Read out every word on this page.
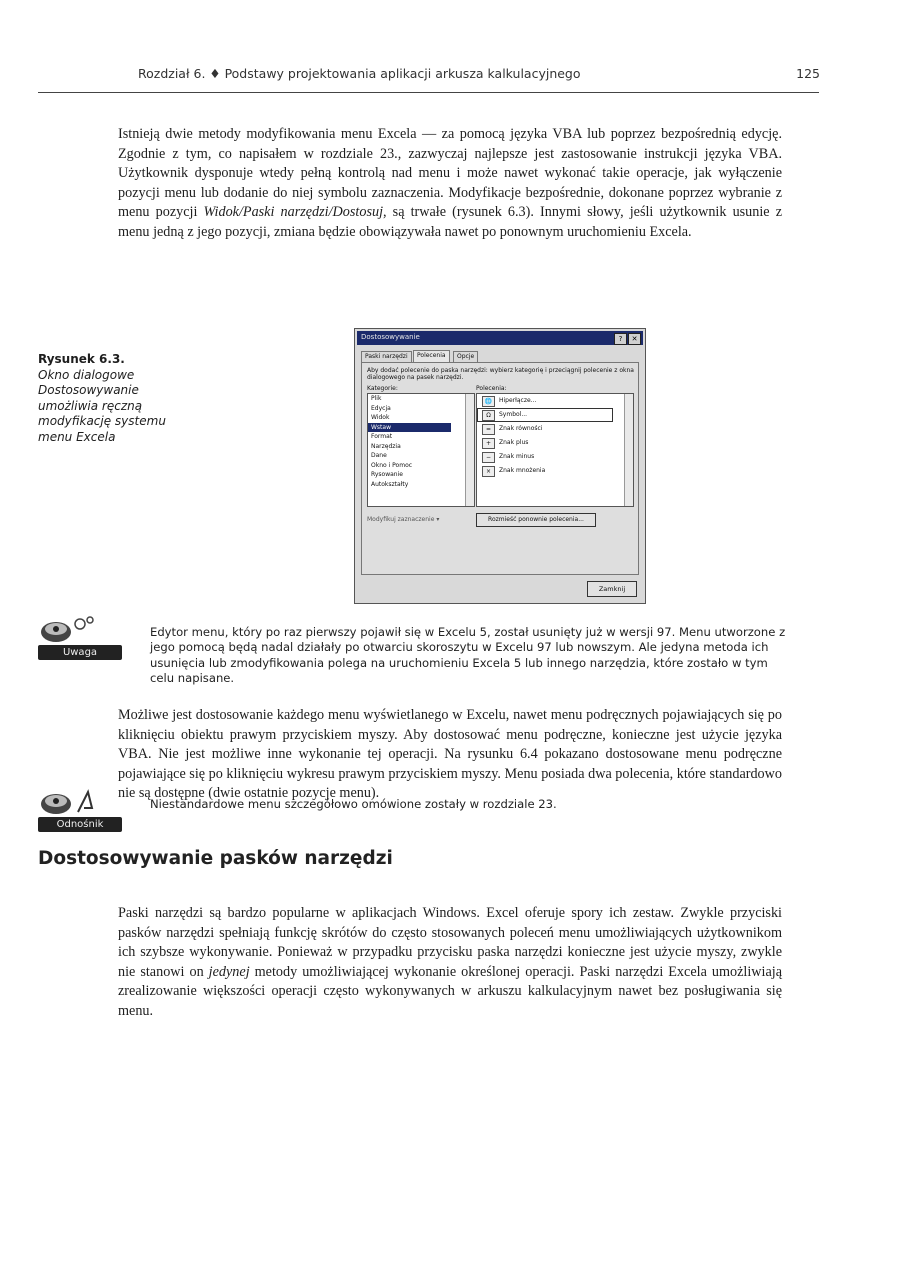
Rozdział 6. ♦ Podstawy projektowania aplikacji arkusza kalkulacyjnego	125
Istnieją dwie metody modyfikowania menu Excela — za pomocą języka VBA lub poprzez bezpośrednią edycję. Zgodnie z tym, co napisałem w rozdziale 23., zazwyczaj najlepsze jest zastosowanie instrukcji języka VBA. Użytkownik dysponuje wtedy pełną kontrolą nad menu i może nawet wykonać takie operacje, jak wyłączenie pozycji menu lub dodanie do niej symbolu zaznaczenia. Modyfikacje bezpośrednie, dokonane poprzez wybranie z menu pozycji Widok/Paski narzędzi/Dostosuj, są trwałe (rysunek 6.3). Innymi słowy, jeśli użytkownik usunie z menu jedną z jego pozycji, zmiana będzie obowiązywała nawet po ponownym uruchomieniu Excela.
Rysunek 6.3.
Okno dialogowe Dostosowywanie umożliwia ręczną modyfikację systemu menu Excela
Dostosowywanie	?	✕
Paski narzędzi	Polecenia	Opcje
Aby dodać polecenie do paska narzędzi: wybierz kategorię i przeciągnij polecenie z okna dialogowego na pasek narzędzi.
Kategorie:	Polecenia:
Plik
Edycja
Widok
Wstaw
Format
Narzędzia
Dane
Okno i Pomoc
Rysowanie
Autokształty
🌐	Hiperłącze...
Ω	Symbol...
=	Znak równości
+	Znak plus
−	Znak minus
×	Znak mnożenia
Modyfikuj zaznaczenie ▾	Rozmieść ponownie polecenia...
Zamknij
Uwaga
Edytor menu, który po raz pierwszy pojawił się w Excelu 5, został usunięty już w wersji 97. Menu utworzone z jego pomocą będą nadal działały po otwarciu skoroszytu w Excelu 97 lub nowszym. Ale jedyna metoda ich usunięcia lub zmodyfikowania polega na uruchomieniu Excela 5 lub innego narzędzia, które zostało w tym celu napisane.
Możliwe jest dostosowanie każdego menu wyświetlanego w Excelu, nawet menu podręcznych pojawiających się po kliknięciu obiektu prawym przyciskiem myszy. Aby dostosować menu podręczne, konieczne jest użycie języka VBA. Nie jest możliwe inne wykonanie tej operacji. Na rysunku 6.4 pokazano dostosowane menu podręczne pojawiające się po kliknięciu wykresu prawym przyciskiem myszy. Menu posiada dwa polecenia, które standardowo nie są dostępne (dwie ostatnie pozycje menu).
Odnośnik
Niestandardowe menu szczegółowo omówione zostały w rozdziale 23.
Dostosowywanie pasków narzędzi
Paski narzędzi są bardzo popularne w aplikacjach Windows. Excel oferuje spory ich zestaw. Zwykle przyciski pasków narzędzi spełniają funkcję skrótów do często stosowanych poleceń menu umożliwiających użytkownikom ich szybsze wykonywanie. Ponieważ w przypadku przycisku paska narzędzi konieczne jest użycie myszy, zwykle nie stanowi on jedynej metody umożliwiającej wykonanie określonej operacji. Paski narzędzi Excela umożliwiają zrealizowanie większości operacji często wykonywanych w arkuszu kalkulacyjnym nawet bez posługiwania się menu.
